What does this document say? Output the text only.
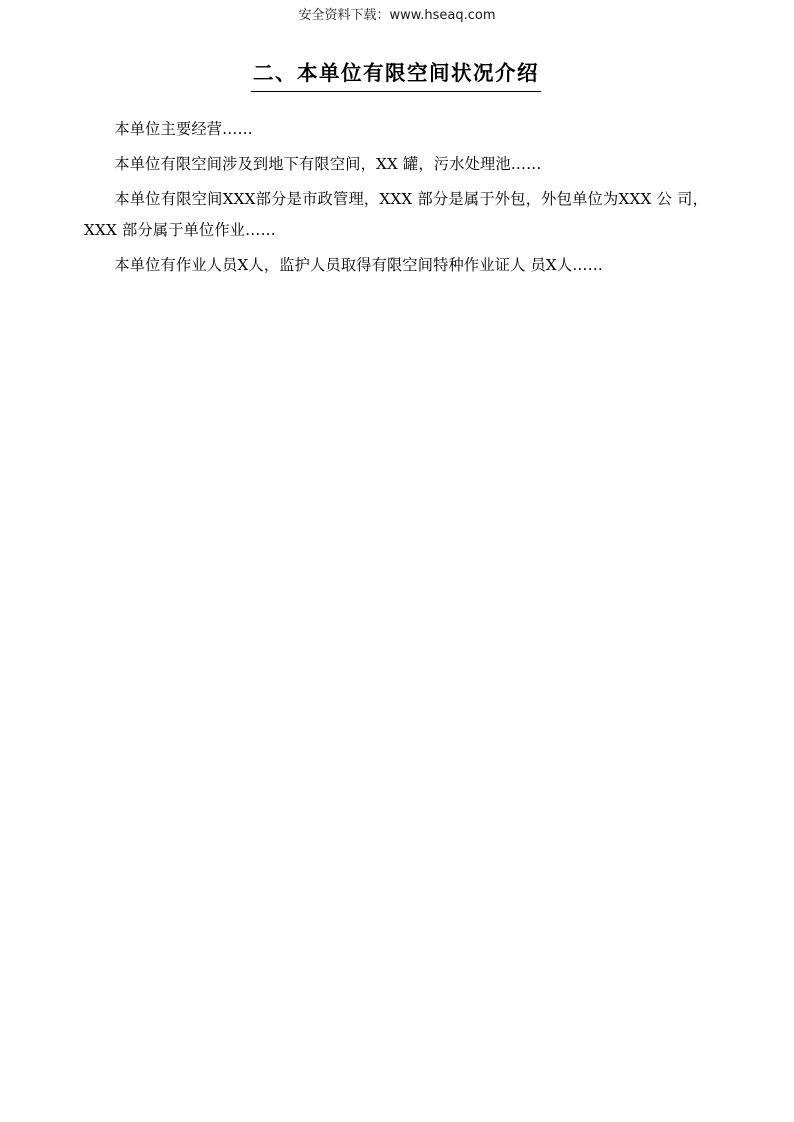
安全资料下载：www.hseaq.com
二、本单位有限空间状况介绍

本单位主要经营……

本单位有限空间涉及到地下有限空间，XX 罐，污水处理池……

本单位有限空间XXX部分是市政管理，XXX 部分是属于外包，外包单位为XXX 公 司，XXX 部分属于单位作业……

本单位有作业人员X人，监护人员取得有限空间特种作业证人 员X人……
